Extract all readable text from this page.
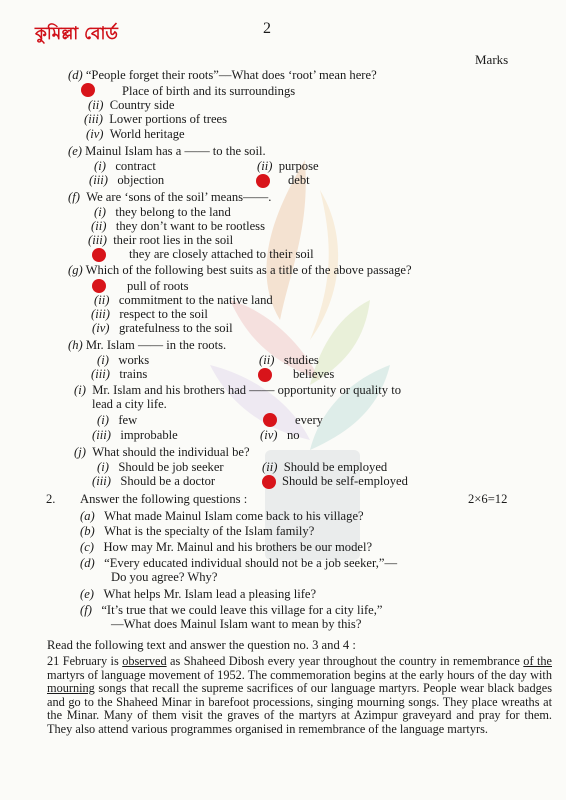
কুমিল্লা বোর্ড	2
Marks
(d) “People forget their roots”––What does ‘root’ mean here?
Place of birth and its surroundings
(ii) Country side
(iii) Lower portions of trees
(iv) World heritage
(e) Mainul Islam has a —— to the soil.
(i) contract	(ii) purpose
(iii) objection	debt
(f) We are ‘sons of the soil’ means——.
(i) they belong to the land
(ii) they don’t want to be rootless
(iii) their root lies in the soil
they are closely attached to their soil
(g) Which of the following best suits as a title of the above passage?
pull of roots
(ii) commitment to the native land
(iii) respect to the soil
(iv) gratefulness to the soil
(h) Mr. Islam —— in the roots.
(i) works	(ii) studies
(iii) trains	believes
(i) Mr. Islam and his brothers had —— opportunity or quality to
lead a city life.
(i) few	every
(iii) improbable	(iv) no
(j) What should the individual be?
(i) Should be job seeker	(ii) Should be employed
(iii) Should be a doctor	Should be self-employed
2. Answer the following questions :	2×6=12
(a) What made Mainul Islam come back to his village?
(b) What is the specialty of the Islam family?
(c) How may Mr. Mainul and his brothers be our model?
(d) “Every educated individual should not be a job seeker,”—
Do you agree? Why?
(e) What helps Mr. Islam lead a pleasing life?
(f) “It’s true that we could leave this village for a city life,”
—What does Mainul Islam want to mean by this?
Read the following text and answer the question no. 3 and 4 :
21 February is observed as Shaheed Dibosh every year throughout the country in remembrance of the martyrs of language movement of 1952. The commemoration begins at the early hours of the day with mourning songs that recall the supreme sacrifices of our language martyrs. People wear black badges and go to the Shaheed Minar in barefoot processions, singing mourning songs. They place wreaths at the Minar. Many of them visit the graves of the martyrs at Azimpur graveyard and pray for them. They also attend various programmes organised in remembrance of the language martyrs.
